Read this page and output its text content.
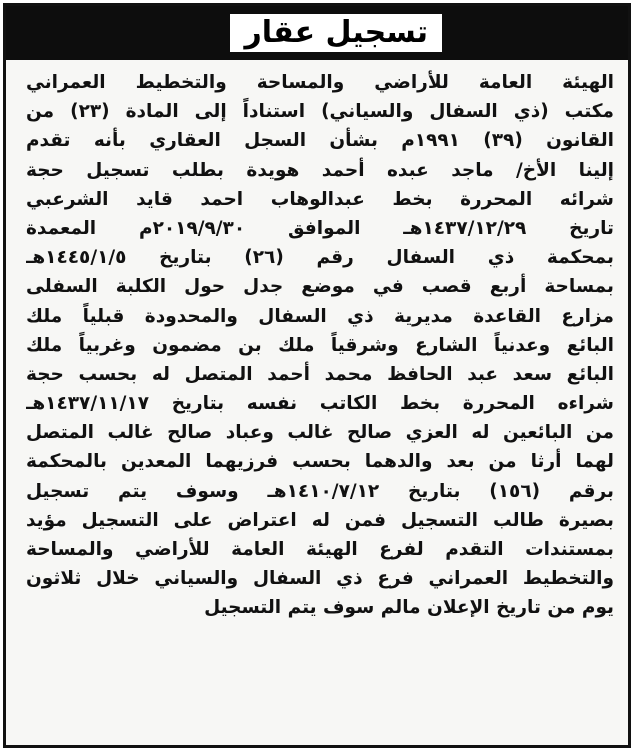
تسجيل عقار
الهيئة العامة للأراضي والمساحة والتخطيط العمراني
مكتب (ذي السفال والسياني) استناداً إلى المادة (٢٣) من
القانون (٣٩) ١٩٩١م بشأن السجل العقاري بأنه تقدم
إلينا الأخ/ ماجد عبده أحمد هويدة بطلب تسجيل حجة
شرائه المحررة بخط عبدالوهاب احمد قايد الشرعبي
تاريخ ١٤٣٧/١٢/٢٩هـ الموافق ٢٠١٩/٩/٣٠م المعمدة
بمحكمة ذي السفال رقم (٢٦) بتاريخ ١٤٤٥/١/٥هـ
بمساحة أربع قصب في موضع جدل حول الكلبة السفلى
مزارع القاعدة مديرية ذي السفال والمحدودة قبلياً ملك
البائع وعدنياً الشارع وشرقياً ملك بن مضمون وغربياً ملك
البائع سعد عبد الحافظ محمد أحمد المتصل له بحسب حجة
شراءه المحررة بخط الكاتب نفسه بتاريخ ١٤٣٧/١١/١٧هـ
من البائعين له العزي صالح غالب وعباد صالح غالب المتصل
لهما أرثا من بعد والدهما بحسب فرزيهما المعدين بالمحكمة
برقم (١٥٦) بتاريخ ١٤١٠/٧/١٢هـ وسوف يتم تسجيل
بصيرة طالب التسجيل فمن له اعتراض على التسجيل مؤيد
بمستندات التقدم لفرع الهيئة العامة للأراضي والمساحة
والتخطيط العمراني فرع ذي السفال والسياني خلال ثلاثون
يوم من تاريخ الإعلان مالم سوف يتم التسجيل
